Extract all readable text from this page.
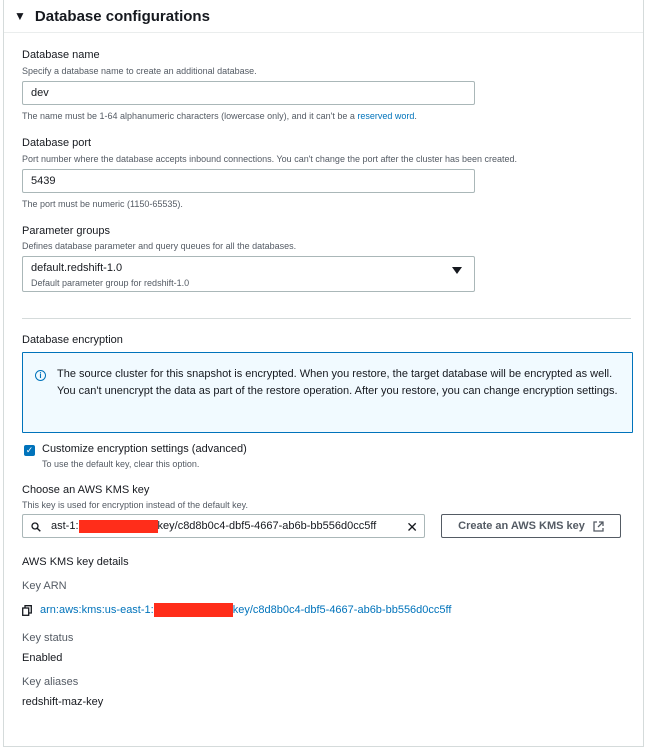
▼ Database configurations
Database name
Specify a database name to create an additional database.
dev
The name must be 1-64 alphanumeric characters (lowercase only), and it can't be a reserved word.
Database port
Port number where the database accepts inbound connections. You can't change the port after the cluster has been created.
5439
The port must be numeric (1150-65535).
Parameter groups
Defines database parameter and query queues for all the databases.
default.redshift-1.0
Default parameter group for redshift-1.0
Database encryption
i	The source cluster for this snapshot is encrypted. When you restore, the target database will be encrypted as well. You can't unencrypt the data as part of the restore operation. After you restore, you can change encryption settings.
✓ Customize encryption settings (advanced)
To use the default key, clear this option.
Choose an AWS KMS key
This key is used for encryption instead of the default key.
ast-1:	key/c8d8b0c4-dbf5-4667-ab6b-bb556d0cc5ff ✕	Create an AWS KMS key
AWS KMS key details
Key ARN
arn:aws:kms:us-east-1:	key/c8d8b0c4-dbf5-4667-ab6b-bb556d0cc5ff
Key status
Enabled
Key aliases
redshift-maz-key
